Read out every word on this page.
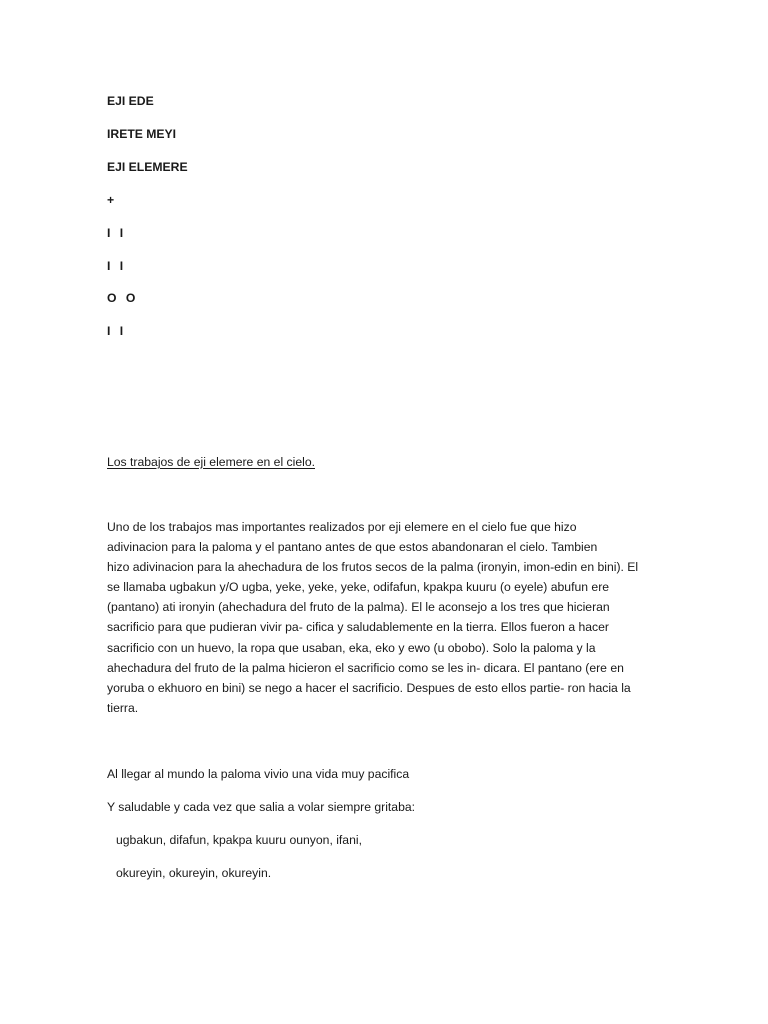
EJI EDE

IRETE MEYI

EJI ELEMERE

+

I I

I I

O O

I I

Los trabajos de eji elemere en el cielo.

Uno de los trabajos mas importantes realizados por eji elemere en el cielo fue que hizo
adivinacion para la paloma y el pantano antes de que estos abandonaran el cielo. Tambien
hizo adivinacion para la ahechadura de los frutos secos de la palma (ironyin, imon-edin en bini). El
se llamaba ugbakun y/O ugba, yeke, yeke, yeke, odifafun, kpakpa kuuru (o eyele) abufun ere
(pantano) ati ironyin (ahechadura del fruto de la palma). El le aconsejo a los tres que hicieran
sacrificio para que pudieran vivir pa- cifica y saludablemente en la tierra. Ellos fueron a hacer
sacrificio con un huevo, la ropa que usaban, eka, eko y ewo (u obobo). Solo la paloma y la
ahechadura del fruto de la palma hicieron el sacrificio como se les in- dicara. El pantano (ere en
yoruba o ekhuoro en bini) se nego a hacer el sacrificio. Despues de esto ellos partie- ron hacia la
tierra.

Al llegar al mundo la paloma vivio una vida muy pacifica

Y saludable y cada vez que salia a volar siempre gritaba:

ugbakun, difafun, kpakpa kuuru ounyon, ifani,

okureyin, okureyin, okureyin.
